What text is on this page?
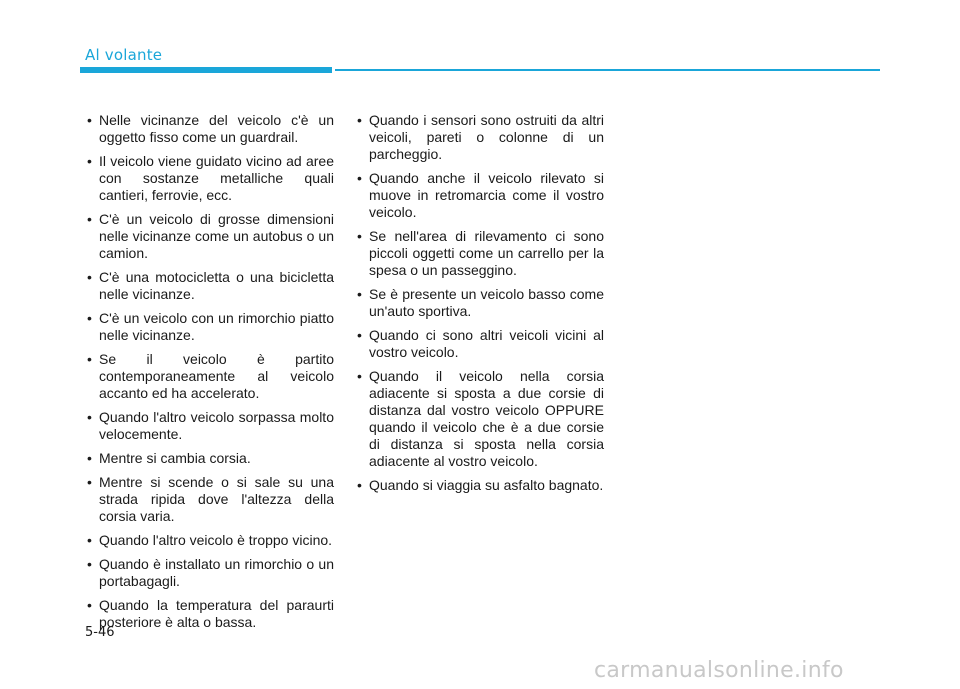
Al volante
• Nelle vicinanze del veicolo c'è un oggetto fisso come un guardrail.
• Il veicolo viene guidato vicino ad aree con sostanze metalliche quali cantieri, ferrovie, ecc.
• C'è un veicolo di grosse dimensioni nelle vicinanze come un autobus o un camion.
• C'è una motocicletta o una bicicletta nelle vicinanze.
• C'è un veicolo con un rimorchio piatto nelle vicinanze.
• Se il veicolo è partito contemporaneamente al veicolo accanto ed ha accelerato.
• Quando l'altro veicolo sorpassa molto velocemente.
• Mentre si cambia corsia.
• Mentre si scende o si sale su una strada ripida dove l'altezza della corsia varia.
• Quando l'altro veicolo è troppo vicino.
• Quando è installato un rimorchio o un portabagagli.
• Quando la temperatura del paraurti posteriore è alta o bassa.
• Quando i sensori sono ostruiti da altri veicoli, pareti o colonne di un parcheggio.
• Quando anche il veicolo rilevato si muove in retromarcia come il vostro veicolo.
• Se nell'area di rilevamento ci sono piccoli oggetti come un carrello per la spesa o un passeggino.
• Se è presente un veicolo basso come un'auto sportiva.
• Quando ci sono altri veicoli vicini al vostro veicolo.
• Quando il veicolo nella corsia adiacente si sposta a due corsie di distanza dal vostro veicolo OPPURE quando il veicolo che è a due corsie di distanza si sposta nella corsia adiacente al vostro veicolo.
• Quando si viaggia su asfalto bagnato.
5-46
carmanualsonline.info
